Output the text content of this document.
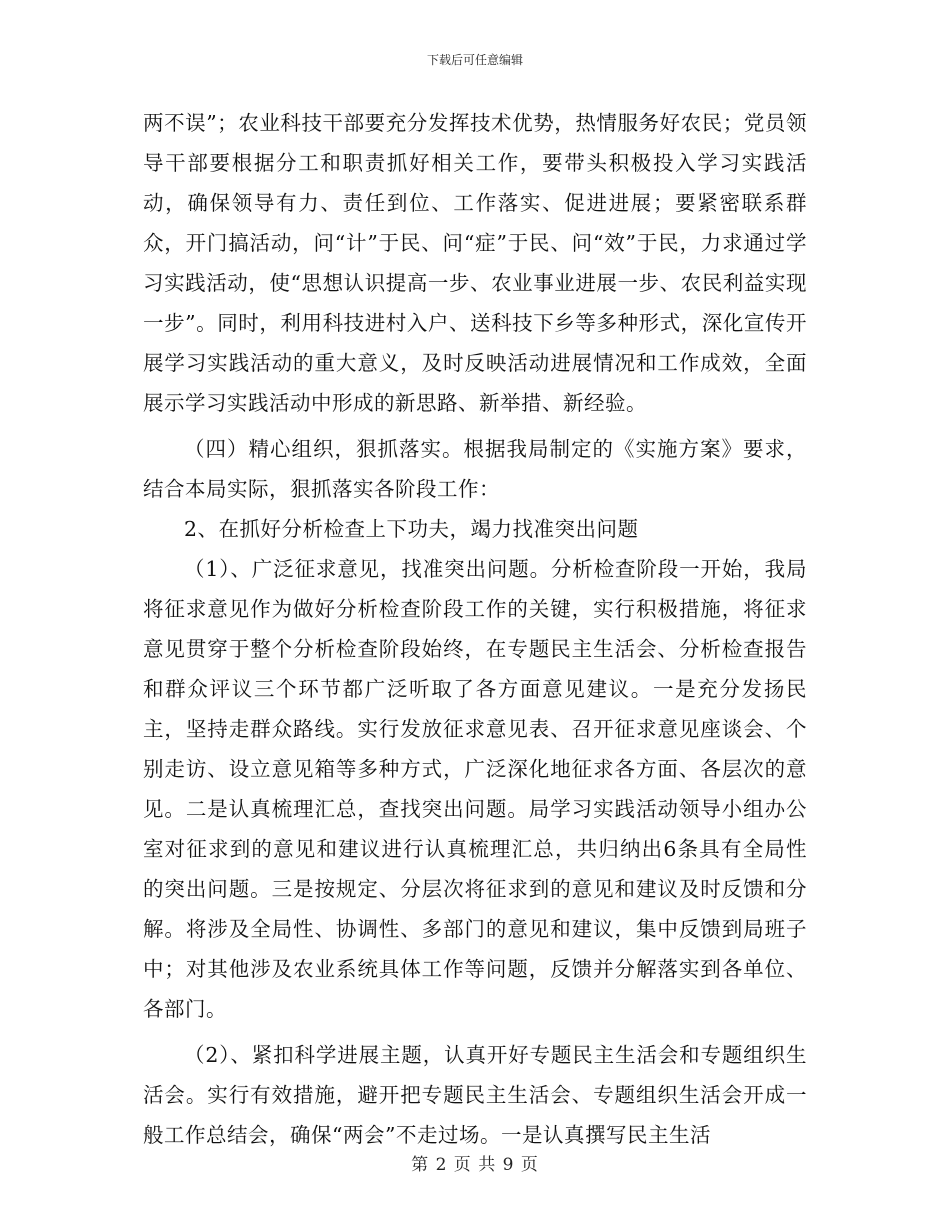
下载后可任意编辑

两不误”；农业科技干部要充分发挥技术优势，热情服务好农民；党员领导干部要根据分工和职责抓好相关工作，要带头积极投入学习实践活动，确保领导有力、责任到位、工作落实、促进进展；要紧密联系群众，开门搞活动，问“计”于民、问“症”于民、问“效”于民，力求通过学习实践活动，使“思想认识提高一步、农业事业进展一步、农民利益实现一步”。同时，利用科技进村入户、送科技下乡等多种形式，深化宣传开展学习实践活动的重大意义，及时反映活动进展情况和工作成效，全面展示学习实践活动中形成的新思路、新举措、新经验。

（四）精心组织，狠抓落实。根据我局制定的《实施方案》要求，结合本局实际，狠抓落实各阶段工作：

2、在抓好分析检查上下功夫，竭力找准突出问题

（1）、广泛征求意见，找准突出问题。分析检查阶段一开始，我局将征求意见作为做好分析检查阶段工作的关键，实行积极措施，将征求意见贯穿于整个分析检查阶段始终，在专题民主生活会、分析检查报告和群众评议三个环节都广泛听取了各方面意见建议。一是充分发扬民主，坚持走群众路线。实行发放征求意见表、召开征求意见座谈会、个别走访、设立意见箱等多种方式，广泛深化地征求各方面、各层次的意见。二是认真梳理汇总，查找突出问题。局学习实践活动领导小组办公室对征求到的意见和建议进行认真梳理汇总，共归纳出6条具有全局性的突出问题。三是按规定、分层次将征求到的意见和建议及时反馈和分解。将涉及全局性、协调性、多部门的意见和建议，集中反馈到局班子中；对其他涉及农业系统具体工作等问题，反馈并分解落实到各单位、各部门。

（2）、紧扣科学进展主题，认真开好专题民主生活会和专题组织生活会。实行有效措施，避开把专题民主生活会、专题组织生活会开成一般工作总结会，确保“两会”不走过场。一是认真撰写民主生活

第 2 页 共 9 页
